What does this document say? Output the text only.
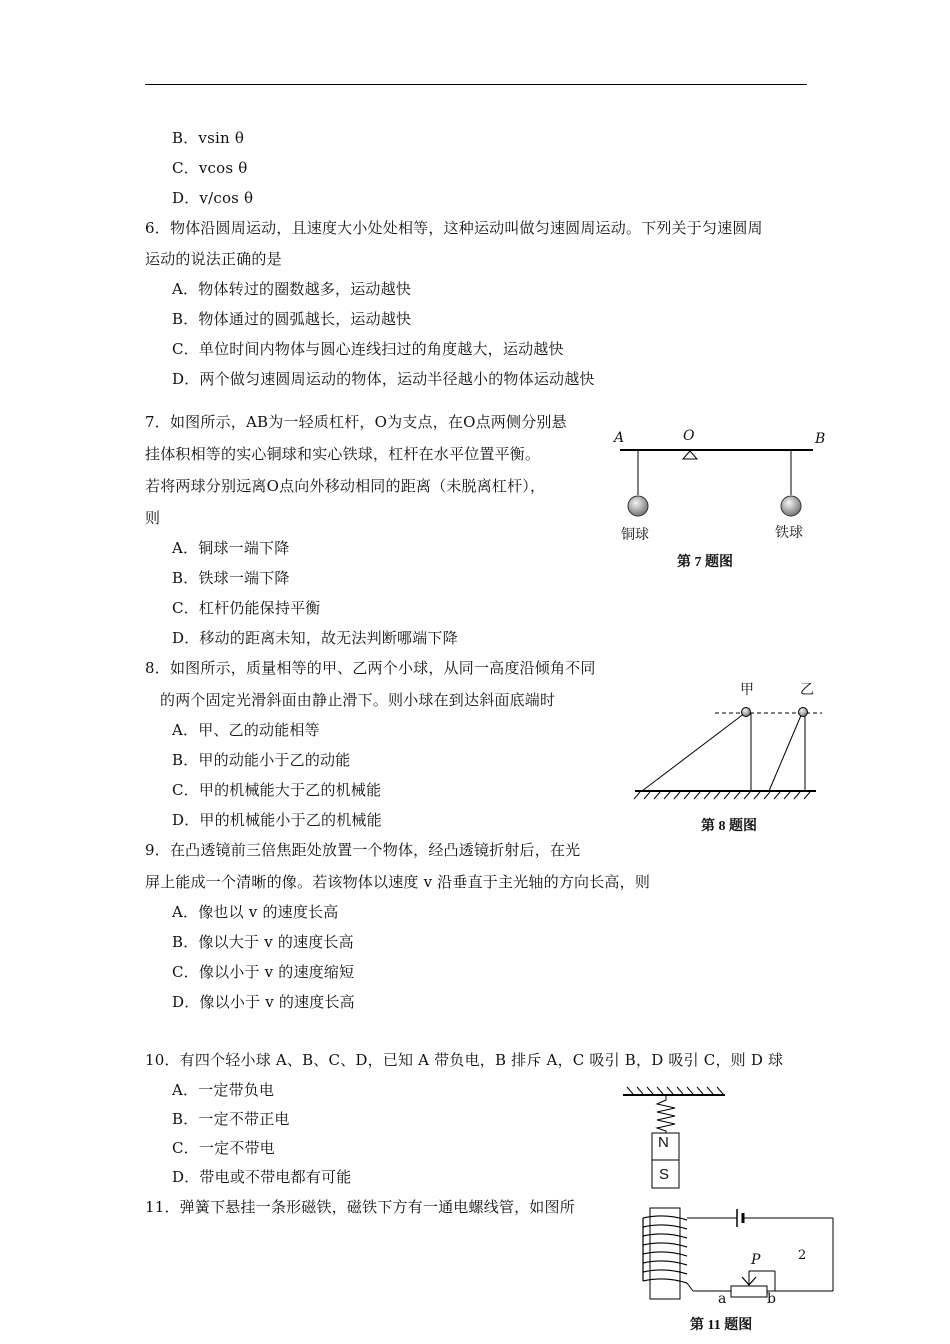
B．vsin θ
C．vcos θ
D．v/cos θ
6．物体沿圆周运动，且速度大小处处相等，这种运动叫做匀速圆周运动。下列关于匀速圆周
运动的说法正确的是
A．物体转过的圈数越多，运动越快
B．物体通过的圆弧越长，运动越快
C．单位时间内物体与圆心连线扫过的角度越大，运动越快
D．两个做匀速圆周运动的物体，运动半径越小的物体运动越快
7．如图所示，AB为一轻质杠杆，O为支点，在O点两侧分别悬
挂体积相等的实心铜球和实心铁球，杠杆在水平位置平衡。
若将两球分别远离O点向外移动相同的距离（未脱离杠杆），
则
A．铜球一端下降
B．铁球一端下降
C．杠杆仍能保持平衡
D．移动的距离未知，故无法判断哪端下降
A	O	B
铜球	铁球
第 7 题图
8．如图所示，质量相等的甲、乙两个小球，从同一高度沿倾角不同
的两个固定光滑斜面由静止滑下。则小球在到达斜面底端时
A．甲、乙的动能相等
B．甲的动能小于乙的动能
C．甲的机械能大于乙的机械能
D．甲的机械能小于乙的机械能
甲	乙
第 8 题图
9．在凸透镜前三倍焦距处放置一个物体，经凸透镜折射后，在光
屏上能成一个清晰的像。若该物体以速度 v 沿垂直于主光轴的方向长高，则
A．像也以 v 的速度长高
B．像以大于 v 的速度长高
C．像以小于 v 的速度缩短
D．像以小于 v 的速度长高
10．有四个轻小球 A、B、C、D，已知 A 带负电，B 排斥 A，C 吸引 B，D 吸引 C，则 D 球
A．一定带负电
B．一定不带正电
C．一定不带电
D．带电或不带电都有可能
11．弹簧下悬挂一条形磁铁，磁铁下方有一通电螺线管，如图所
N
S
P	2
a	b
第 11 题图
